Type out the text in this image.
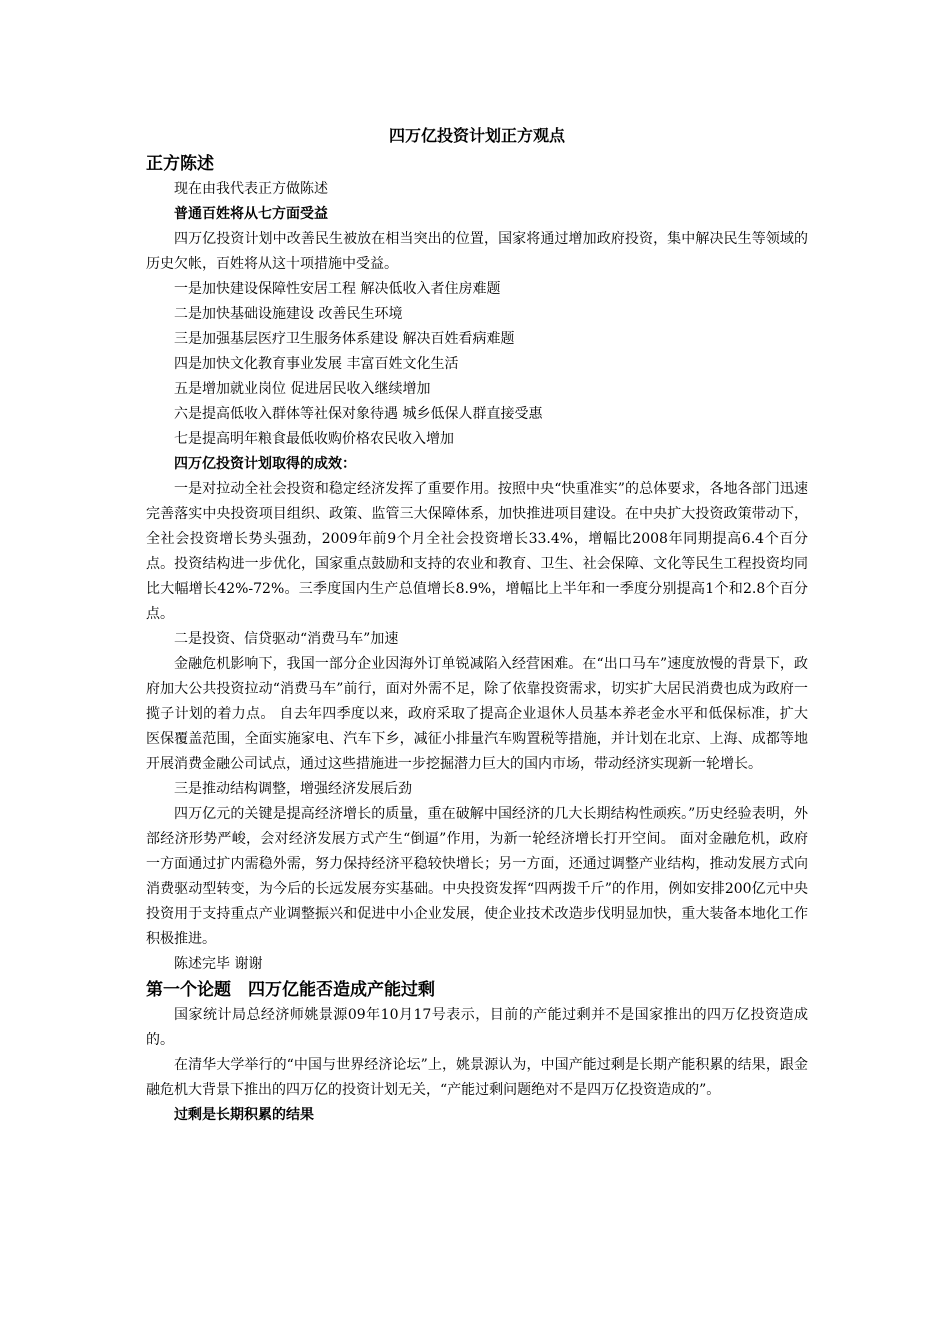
四万亿投资计划正方观点
正方陈述
现在由我代表正方做陈述
普通百姓将从七方面受益
四万亿投资计划中改善民生被放在相当突出的位置，国家将通过增加政府投资，集中解决民生等领域的历史欠帐，百姓将从这十项措施中受益。
一是加快建设保障性安居工程 解决低收入者住房难题
二是加快基础设施建设 改善民生环境
三是加强基层医疗卫生服务体系建设 解决百姓看病难题
四是加快文化教育事业发展 丰富百姓文化生活
五是增加就业岗位 促进居民收入继续增加
六是提高低收入群体等社保对象待遇 城乡低保人群直接受惠
七是提高明年粮食最低收购价格农民收入增加
四万亿投资计划取得的成效：
一是对拉动全社会投资和稳定经济发挥了重要作用。按照中央“快重准实”的总体要求，各地各部门迅速完善落实中央投资项目组织、政策、监管三大保障体系，加快推进项目建设。在中央扩大投资政策带动下，全社会投资增长势头强劲，2009年前9个月全社会投资增长33.4%，增幅比2008年同期提高6.4个百分点。投资结构进一步优化，国家重点鼓励和支持的农业和教育、卫生、社会保障、文化等民生工程投资均同比大幅增长42%-72%。三季度国内生产总值增长8.9%，增幅比上半年和一季度分别提高1个和2.8个百分点。
二是投资、信贷驱动“消费马车”加速
金融危机影响下，我国一部分企业因海外订单锐减陷入经营困难。在“出口马车”速度放慢的背景下，政府加大公共投资拉动“消费马车”前行，面对外需不足，除了依靠投资需求，切实扩大居民消费也成为政府一揽子计划的着力点。 自去年四季度以来，政府采取了提高企业退休人员基本养老金水平和低保标准，扩大医保覆盖范围，全面实施家电、汽车下乡，减征小排量汽车购置税等措施，并计划在北京、上海、成都等地开展消费金融公司试点，通过这些措施进一步挖掘潜力巨大的国内市场，带动经济实现新一轮增长。
三是推动结构调整，增强经济发展后劲
四万亿元的关键是提高经济增长的质量，重在破解中国经济的几大长期结构性顽疾。”历史经验表明，外部经济形势严峻，会对经济发展方式产生“倒逼”作用，为新一轮经济增长打开空间。 面对金融危机，政府一方面通过扩内需稳外需，努力保持经济平稳较快增长；另一方面，还通过调整产业结构，推动发展方式向消费驱动型转变，为今后的长远发展夯实基础。中央投资发挥“四两拨千斤”的作用，例如安排200亿元中央投资用于支持重点产业调整振兴和促进中小企业发展，使企业技术改造步伐明显加快，重大装备本地化工作积极推进。
陈述完毕 谢谢
第一个论题　四万亿能否造成产能过剩
国家统计局总经济师姚景源09年10月17号表示，目前的产能过剩并不是国家推出的四万亿投资造成的。
在清华大学举行的“中国与世界经济论坛”上，姚景源认为，中国产能过剩是长期产能积累的结果，跟金融危机大背景下推出的四万亿的投资计划无关，“产能过剩问题绝对不是四万亿投资造成的”。
过剩是长期积累的结果
